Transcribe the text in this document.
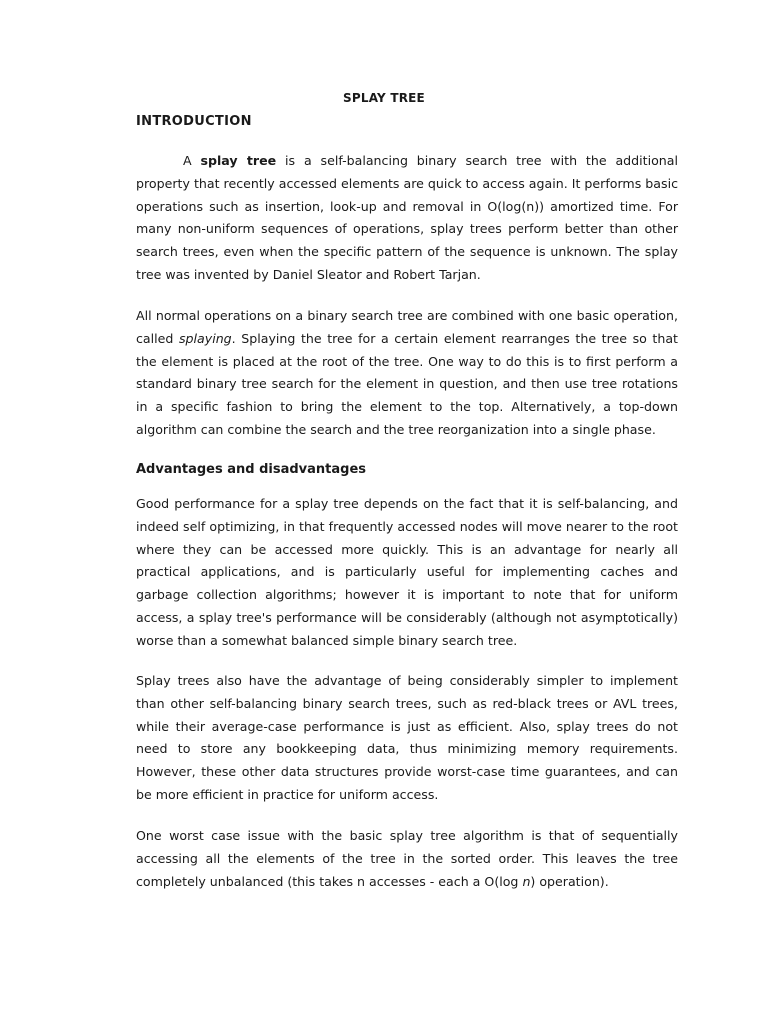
SPLAY TREE
INTRODUCTION

A splay tree is a self-balancing binary search tree with the additional property that recently accessed elements are quick to access again. It performs basic operations such as insertion, look-up and removal in O(log(n)) amortized time. For many non-uniform sequences of operations, splay trees perform better than other search trees, even when the specific pattern of the sequence is unknown. The splay tree was invented by Daniel Sleator and Robert Tarjan.

All normal operations on a binary search tree are combined with one basic operation, called splaying. Splaying the tree for a certain element rearranges the tree so that the element is placed at the root of the tree. One way to do this is to first perform a standard binary tree search for the element in question, and then use tree rotations in a specific fashion to bring the element to the top. Alternatively, a top-down algorithm can combine the search and the tree reorganization into a single phase.

Advantages and disadvantages

Good performance for a splay tree depends on the fact that it is self-balancing, and indeed self optimizing, in that frequently accessed nodes will move nearer to the root where they can be accessed more quickly. This is an advantage for nearly all practical applications, and is particularly useful for implementing caches and garbage collection algorithms; however it is important to note that for uniform access, a splay tree's performance will be considerably (although not asymptotically) worse than a somewhat balanced simple binary search tree.

Splay trees also have the advantage of being considerably simpler to implement than other self-balancing binary search trees, such as red-black trees or AVL trees, while their average-case performance is just as efficient. Also, splay trees do not need to store any bookkeeping data, thus minimizing memory requirements. However, these other data structures provide worst-case time guarantees, and can be more efficient in practice for uniform access.

One worst case issue with the basic splay tree algorithm is that of sequentially accessing all the elements of the tree in the sorted order. This leaves the tree completely unbalanced (this takes n accesses - each a O(log n) operation).
